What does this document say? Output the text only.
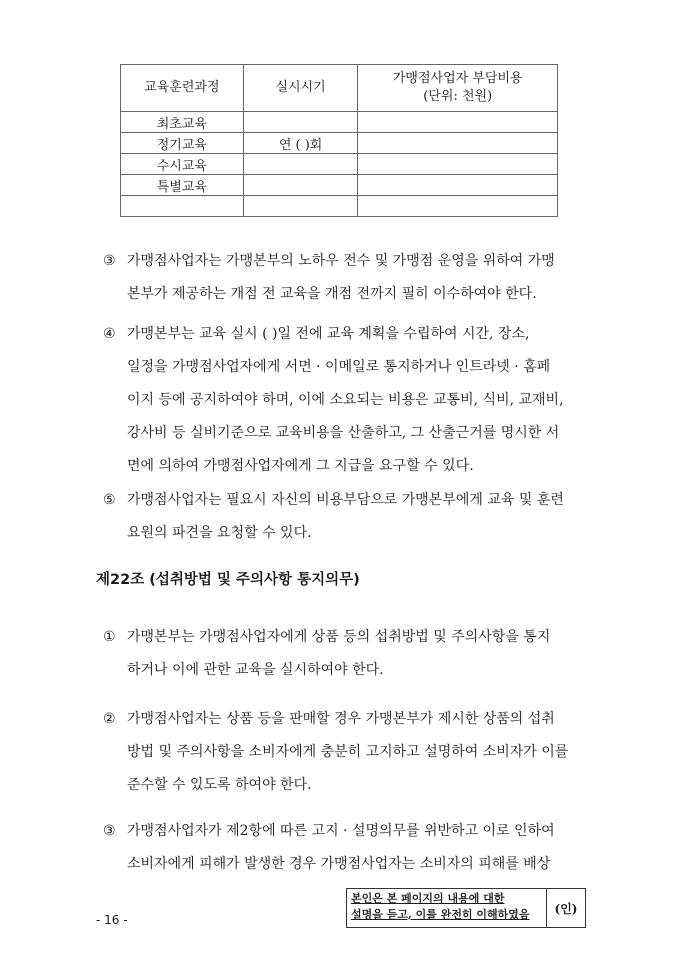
교육훈련과정	실시시기	가맹점사업자 부담비용
(단위: 천원)
최초교육		
정기교육	연 ( )회	
수시교육		
특별교육		

③ 가맹점사업자는 가맹본부의 노하우 전수 및 가맹점 운영을 위하여 가맹
본부가 제공하는 개점 전 교육을 개점 전까지 필히 이수하여야 한다.
④ 가맹본부는 교육 실시 ( )일 전에 교육 계획을 수립하여 시간, 장소,
일정을 가맹점사업자에게 서면 · 이메일로 통지하거나 인트라넷 · 홈페
이지 등에 공지하여야 하며, 이에 소요되는 비용은 교통비, 식비, 교재비,
강사비 등 실비기준으로 교육비용을 산출하고, 그 산출근거를 명시한 서
면에 의하여 가맹점사업자에게 그 지급을 요구할 수 있다.
⑤ 가맹점사업자는 필요시 자신의 비용부담으로 가맹본부에게 교육 및 훈련
요원의 파견을 요청할 수 있다.
제22조 (섭취방법 및 주의사항 통지의무)
① 가맹본부는 가맹점사업자에게 상품 등의 섭취방법 및 주의사항을 통지
하거나 이에 관한 교육을 실시하여야 한다.
② 가맹점사업자는 상품 등을 판매할 경우 가맹본부가 제시한 상품의 섭취
방법 및 주의사항을 소비자에게 충분히 고지하고 설명하여 소비자가 이를
준수할 수 있도록 하여야 한다.
③ 가맹점사업자가 제2항에 따른 고지 · 설명의무를 위반하고 이로 인하여
소비자에게 피해가 발생한 경우 가맹점사업자는 소비자의 피해를 배상
- 16 -
본인은 본 페이지의 내용에 대한
설명을 듣고, 이를 완전히 이해하였음	(인)
